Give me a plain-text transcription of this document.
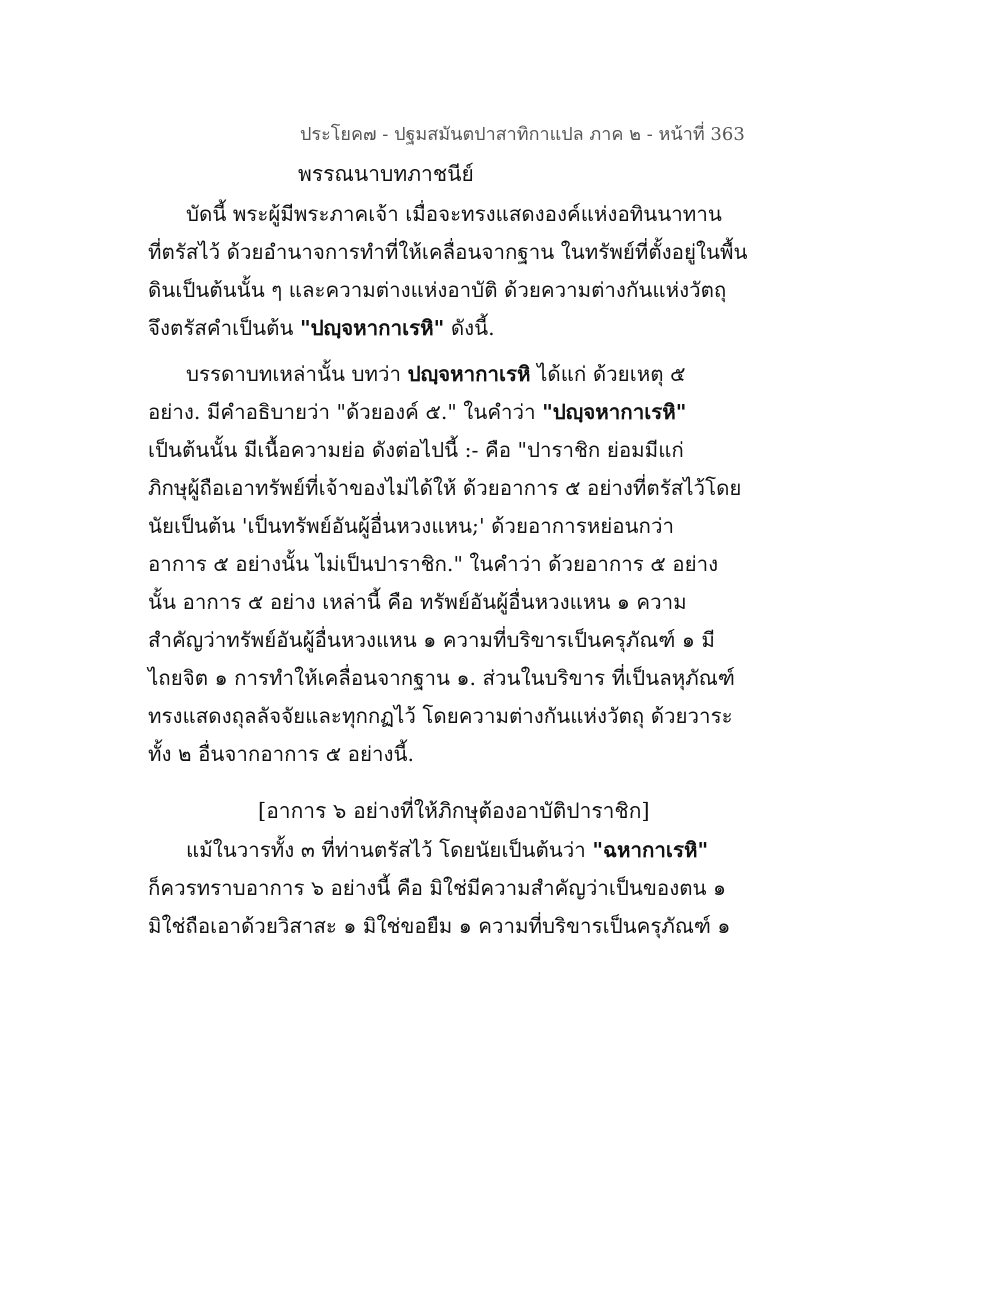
ประโยค๗ - ปฐมสมันตปาสาทิกาแปล ภาค ๒ - หน้าที่ 363
พรรณนาบทภาชนีย์
บัดนี้ พระผู้มีพระภาคเจ้า เมื่อจะทรงแสดงองค์แห่งอทินนาทาน
ที่ตรัสไว้ ด้วยอำนาจการทำที่ให้เคลื่อนจากฐาน ในทรัพย์ที่ตั้งอยู่ในพื้น
ดินเป็นต้นนั้น ๆ และความต่างแห่งอาบัติ ด้วยความต่างกันแห่งวัตถุ
จึงตรัสคำเป็นต้น "ปญฺจหากาเรหิ" ดังนี้.
บรรดาบทเหล่านั้น บทว่า ปญฺจหากาเรหิ ได้แก่ ด้วยเหตุ ๕
อย่าง. มีคำอธิบายว่า "ด้วยองค์ ๕." ในคำว่า "ปญฺจหากาเรหิ"
เป็นต้นนั้น มีเนื้อความย่อ ดังต่อไปนี้ :- คือ "ปาราชิก ย่อมมีแก่
ภิกษุผู้ถือเอาทรัพย์ที่เจ้าของไม่ได้ให้ ด้วยอาการ ๕ อย่างที่ตรัสไว้โดย
นัยเป็นต้น 'เป็นทรัพย์อันผู้อื่นหวงแหน;' ด้วยอาการหย่อนกว่า
อาการ ๕ อย่างนั้น ไม่เป็นปาราชิก." ในคำว่า ด้วยอาการ ๕ อย่าง
นั้น อาการ ๕ อย่าง เหล่านี้ คือ ทรัพย์อันผู้อื่นหวงแหน ๑ ความ
สำคัญว่าทรัพย์อันผู้อื่นหวงแหน ๑ ความที่บริขารเป็นครุภัณฑ์ ๑ มี
ไถยจิต ๑ การทำให้เคลื่อนจากฐาน ๑. ส่วนในบริขาร ที่เป็นลหุภัณฑ์
ทรงแสดงถุลลัจจัยและทุกกฏไว้ โดยความต่างกันแห่งวัตถุ ด้วยวาระ
ทั้ง ๒ อื่นจากอาการ ๕ อย่างนี้.
[อาการ ๖ อย่างที่ให้ภิกษุต้องอาบัติปาราชิก]
แม้ในวารทั้ง ๓ ที่ท่านตรัสไว้ โดยนัยเป็นต้นว่า "ฉหากาเรหิ"
ก็ควรทราบอาการ ๖ อย่างนี้ คือ มิใช่มีความสำคัญว่าเป็นของตน ๑
มิใช่ถือเอาด้วยวิสาสะ ๑ มิใช่ขอยืม ๑ ความที่บริขารเป็นครุภัณฑ์ ๑
